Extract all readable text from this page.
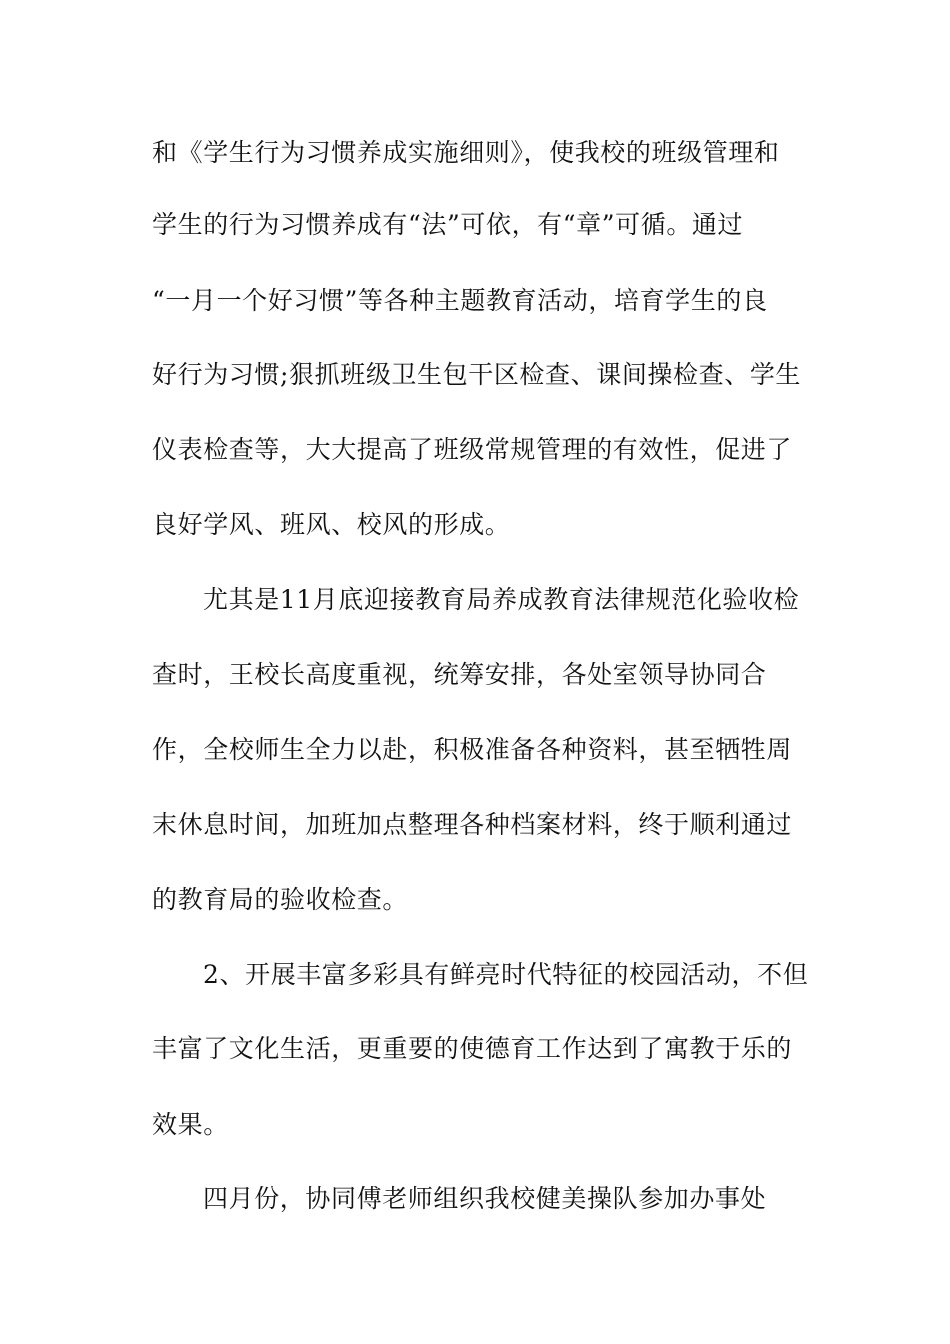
和《学生行为习惯养成实施细则》，使我校的班级管理和
学生的行为习惯养成有“法”可依，有“章”可循。通过
“一月一个好习惯”等各种主题教育活动，培育学生的良
好行为习惯;狠抓班级卫生包干区检查、课间操检查、学生
仪表检查等，大大提高了班级常规管理的有效性，促进了
良好学风、班风、校风的形成。
尤其是11月底迎接教育局养成教育法律规范化验收检
查时，王校长高度重视，统筹安排，各处室领导协同合
作，全校师生全力以赴，积极准备各种资料，甚至牺牲周
末休息时间，加班加点整理各种档案材料，终于顺利通过
的教育局的验收检查。
2、开展丰富多彩具有鲜亮时代特征的校园活动，不但
丰富了文化生活，更重要的使德育工作达到了寓教于乐的
效果。
四月份，协同傅老师组织我校健美操队参加办事处
